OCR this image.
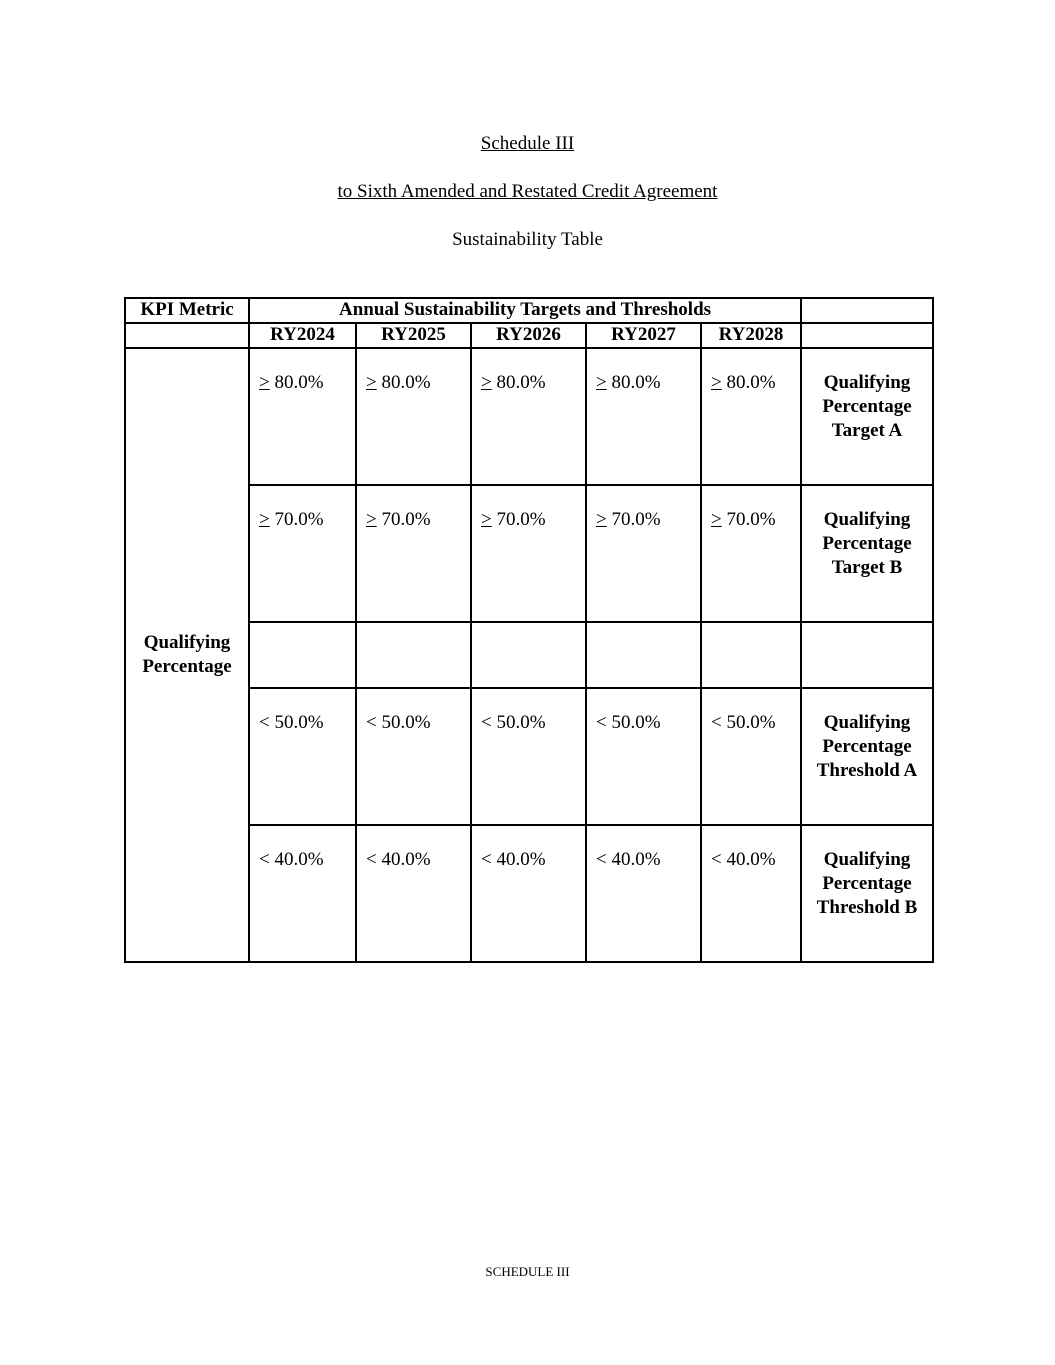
Schedule III
to Sixth Amended and Restated Credit Agreement
Sustainability Table
KPI Metric	Annual Sustainability Targets and Thresholds					
	RY2024	RY2025	RY2026	RY2027	RY2028	
Qualifying Percentage	> 80.0%	> 80.0%	> 80.0%	> 80.0%	> 80.0%	Qualifying
Percentage
Target A

	> 70.0%	> 70.0%	> 70.0%	> 70.0%	> 70.0%	Qualifying
Percentage
Target B

	< 50.0%	< 50.0%	< 50.0%	< 50.0%	< 50.0%	Qualifying
Percentage
Threshold A

	< 40.0%	< 40.0%	< 40.0%	< 40.0%	< 40.0%	Qualifying
Percentage
Threshold B
SCHEDULE III
